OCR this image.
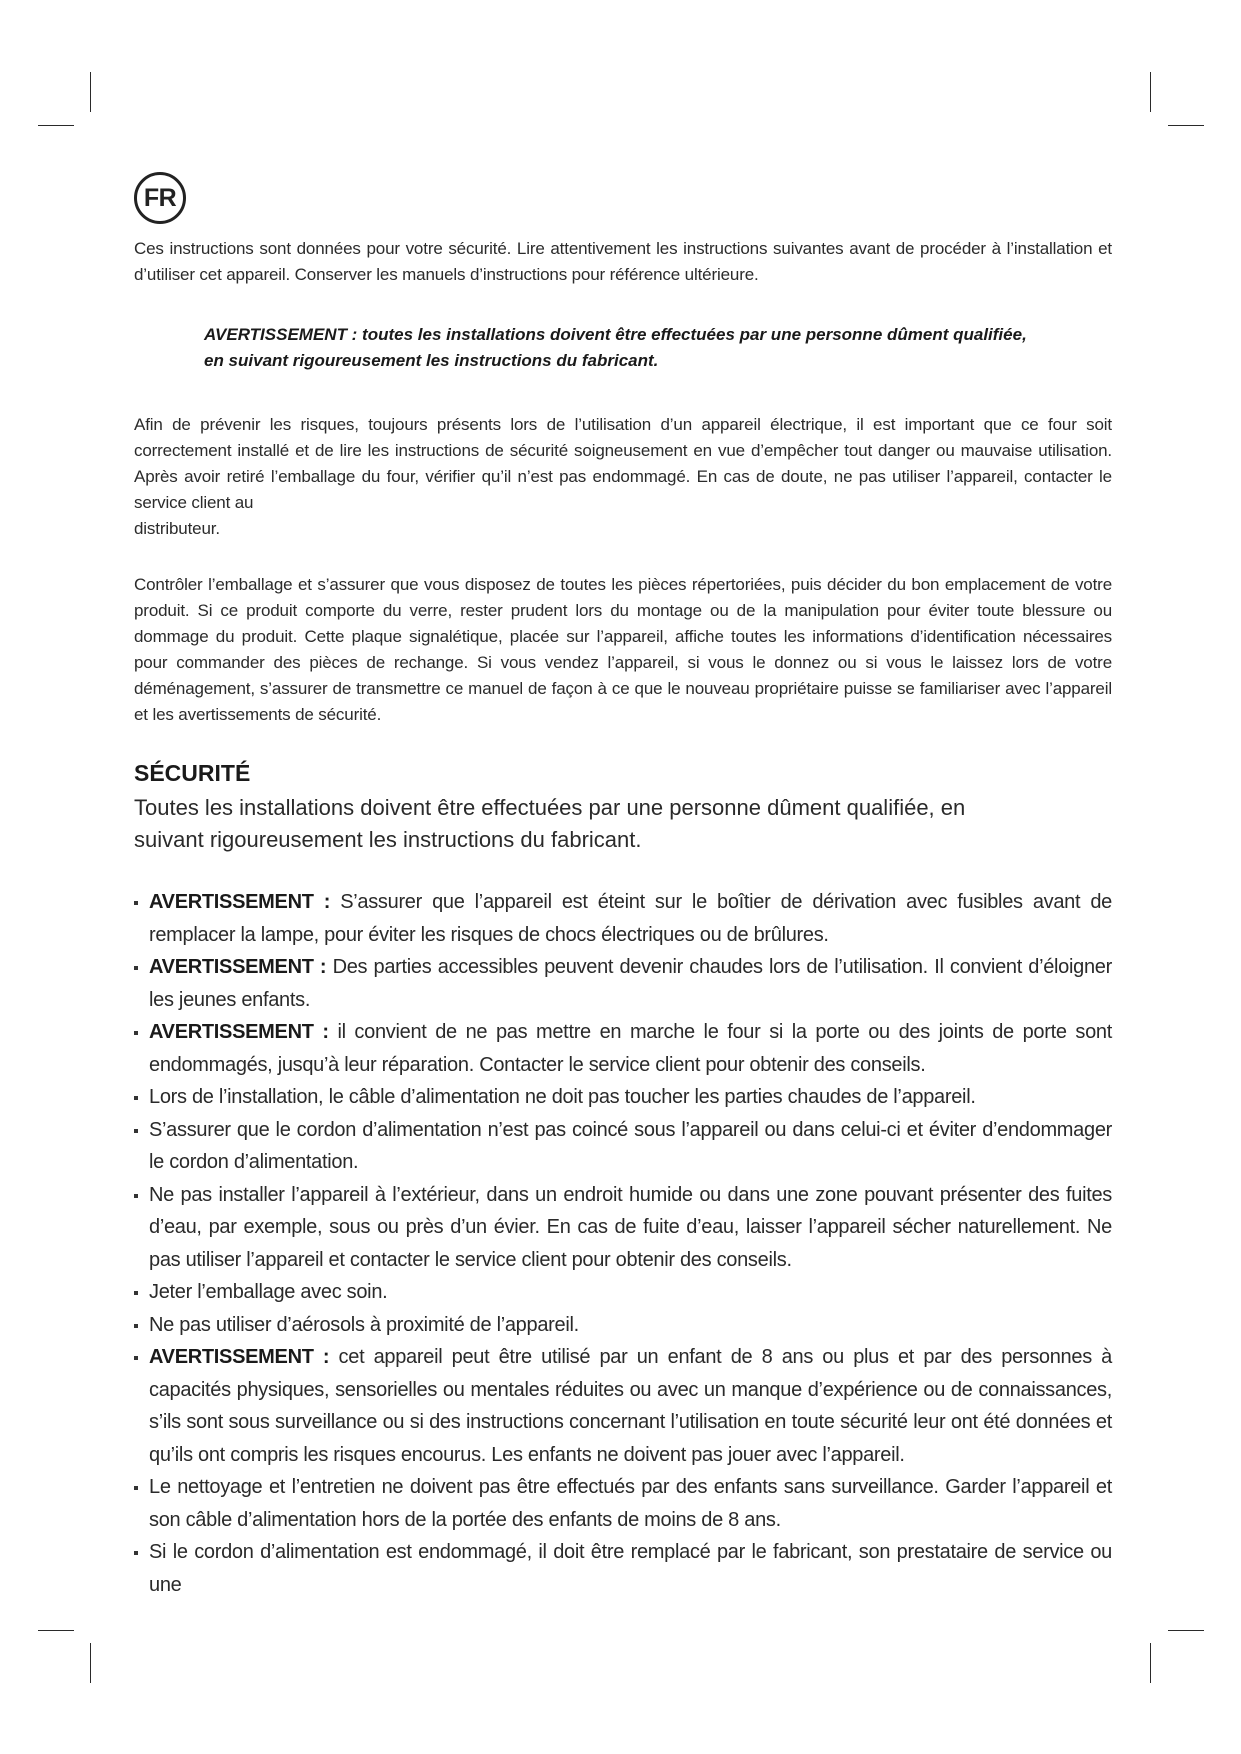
FR

Ces instructions sont données pour votre sécurité. Lire attentivement les instructions suivantes avant de procéder à l’installation et d’utiliser cet appareil. Conserver les manuels d’instructions pour référence ultérieure.

AVERTISSEMENT : toutes les installations doivent être effectuées par une personne dûment qualifiée,
en suivant rigoureusement les instructions du fabricant.

Afin de prévenir les risques, toujours présents lors de l’utilisation d’un appareil électrique, il est important que ce four soit correctement installé et de lire les instructions de sécurité soigneusement en vue d’empêcher tout danger ou mauvaise utilisation. Après avoir retiré l’emballage du four, vérifier qu’il n’est pas endommagé. En cas de doute, ne pas utiliser l’appareil, contacter le service client au

distributeur.

Contrôler l’emballage et s’assurer que vous disposez de toutes les pièces répertoriées, puis décider du bon emplacement de votre produit. Si ce produit comporte du verre, rester prudent lors du montage ou de la manipulation pour éviter toute blessure ou dommage du produit. Cette plaque signalétique, placée sur l’appareil, affiche toutes les informations d’identification nécessaires pour commander des pièces de rechange. Si vous vendez l’appareil, si vous le donnez ou si vous le laissez lors de votre déménagement, s’assurer de transmettre ce manuel de façon à ce que le nouveau propriétaire puisse se familiariser avec l’appareil et les avertissements de sécurité.

SÉCURITÉ
Toutes les installations doivent être effectuées par une personne dûment qualifiée, en suivant rigoureusement les instructions du fabricant.
AVERTISSEMENT : S’assurer que l’appareil est éteint sur le boîtier de dérivation avec fusibles avant de remplacer la lampe, pour éviter les risques de chocs électriques ou de brûlures.
AVERTISSEMENT : Des parties accessibles peuvent devenir chaudes lors de l’utilisation. Il convient d’éloigner les jeunes enfants.
AVERTISSEMENT : il convient de ne pas mettre en marche le four si la porte ou des joints de porte sont endommagés, jusqu’à leur réparation. Contacter le service client pour obtenir des conseils.
Lors de l’installation, le câble d’alimentation ne doit pas toucher les parties chaudes de l’appareil.
S’assurer que le cordon d’alimentation n’est pas coincé sous l’appareil ou dans celui-ci et éviter d’endommager le cordon d’alimentation.
Ne pas installer l’appareil à l’extérieur, dans un endroit humide ou dans une zone pouvant présenter des fuites d’eau, par exemple, sous ou près d’un évier. En cas de fuite d’eau, laisser l’appareil sécher naturellement. Ne pas utiliser l’appareil et contacter le service client pour obtenir des conseils.
Jeter l’emballage avec soin.
Ne pas utiliser d’aérosols à proximité de l’appareil.
AVERTISSEMENT : cet appareil peut être utilisé par un enfant de 8 ans ou plus et par des personnes à capacités physiques, sensorielles ou mentales réduites ou avec un manque d’expérience ou de connaissances, s’ils sont sous surveillance ou si des instructions concernant l’utilisation en toute sécurité leur ont été données et qu’ils ont compris les risques encourus. Les enfants ne doivent pas jouer avec l’appareil.
Le nettoyage et l’entretien ne doivent pas être effectués par des enfants sans surveillance. Garder l’appareil et son câble d’alimentation hors de la portée des enfants de moins de 8 ans.
Si le cordon d’alimentation est endommagé, il doit être remplacé par le fabricant, son prestataire de service ou une
